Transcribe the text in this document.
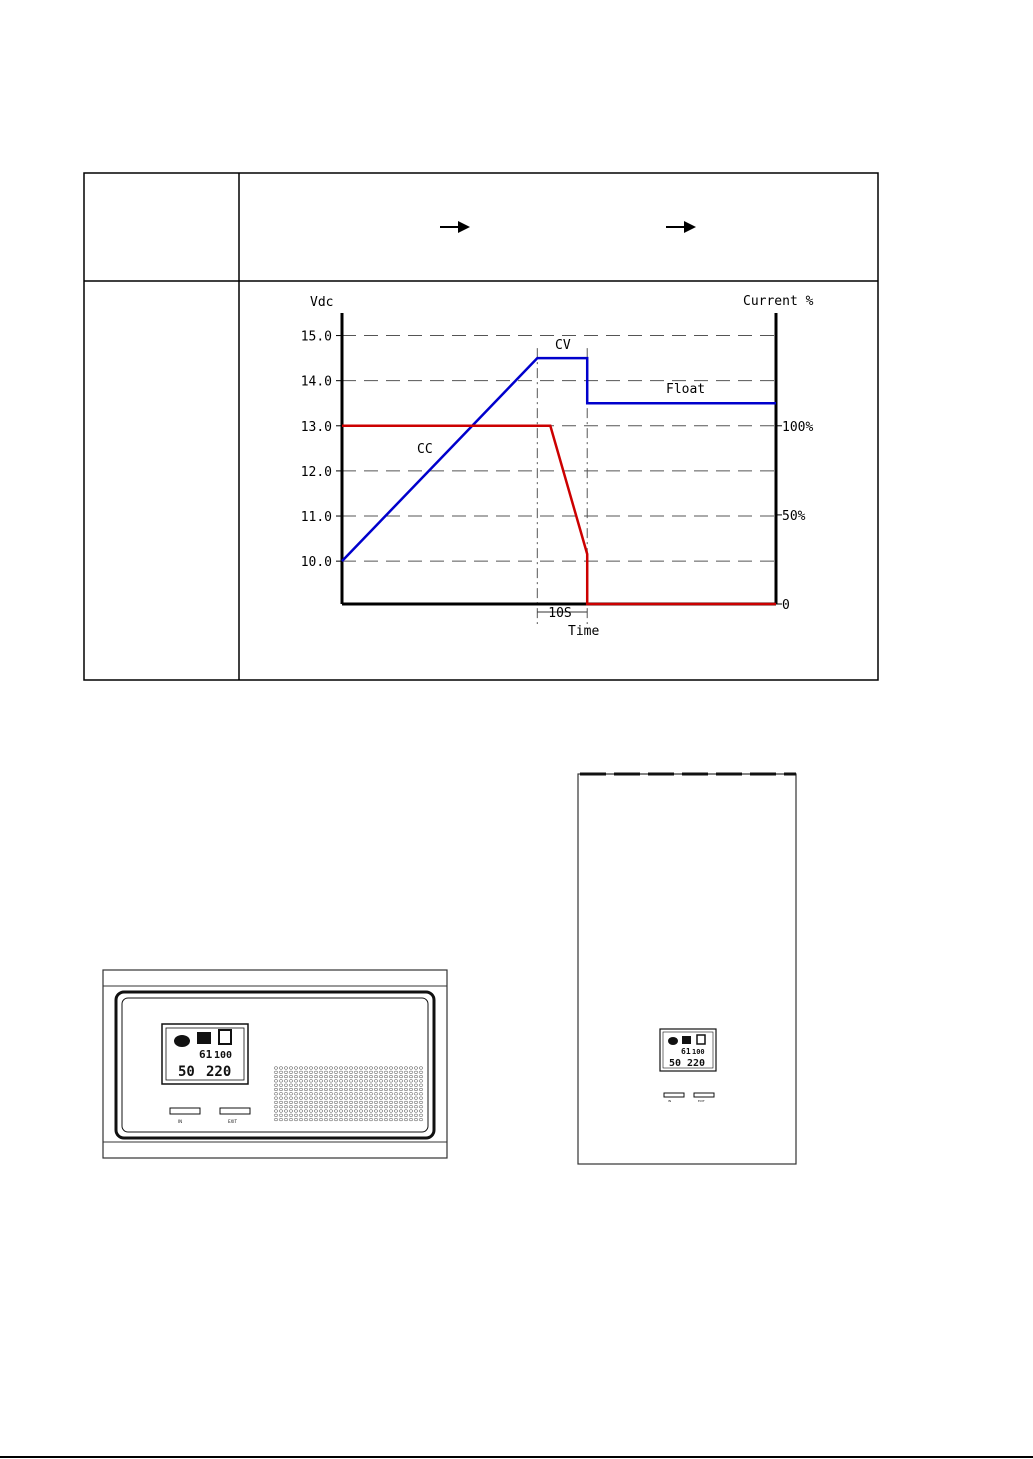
15.0
14.0
13.0
12.0
11.0
10.0
100%
50%
0
Vdc	Current %
Time
10S
CC
CV
Float
61 100
50 220
IN	EXIT
61 100
50 220
IN	EXIT
